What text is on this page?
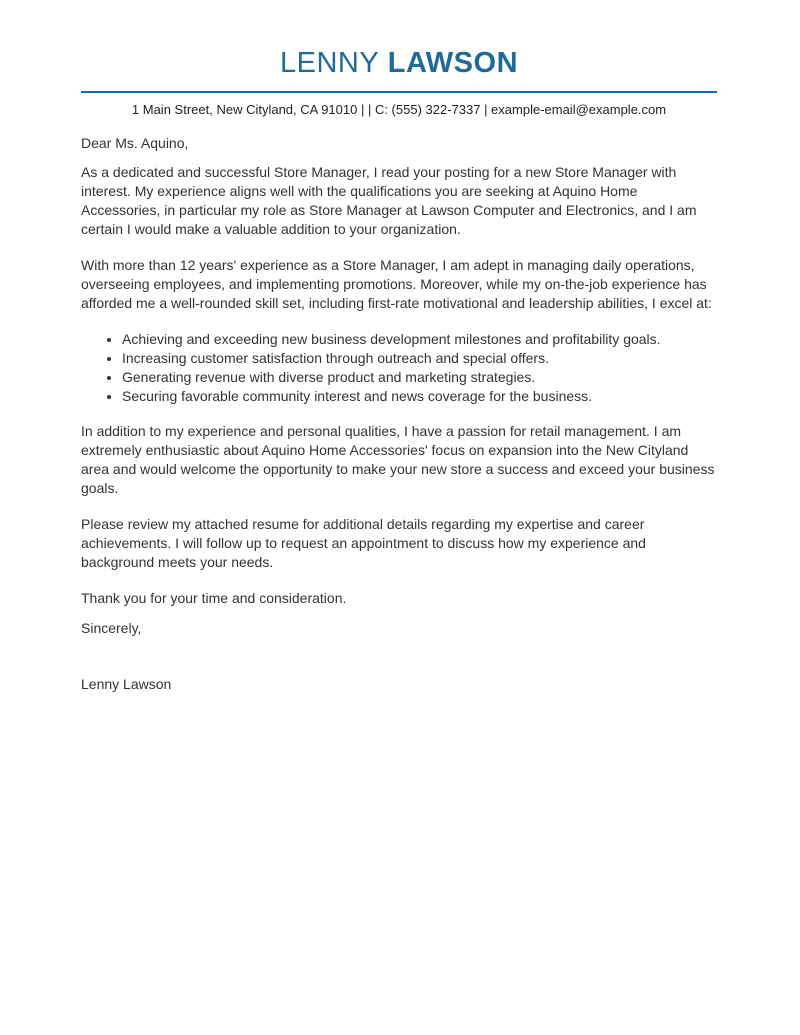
LENNY LAWSON
1 Main Street, New Cityland, CA 91010 | | C: (555) 322-7337 | example-email@example.com

Dear Ms. Aquino,

As a dedicated and successful Store Manager, I read your posting for a new Store Manager with interest. My experience aligns well with the qualifications you are seeking at Aquino Home Accessories, in particular my role as Store Manager at Lawson Computer and Electronics, and I am certain I would make a valuable addition to your organization.

With more than 12 years' experience as a Store Manager, I am adept in managing daily operations, overseeing employees, and implementing promotions. Moreover, while my on-the-job experience has afforded me a well-rounded skill set, including first-rate motivational and leadership abilities, I excel at:

• Achieving and exceeding new business development milestones and profitability goals.
• Increasing customer satisfaction through outreach and special offers.
• Generating revenue with diverse product and marketing strategies.
• Securing favorable community interest and news coverage for the business.

In addition to my experience and personal qualities, I have a passion for retail management. I am extremely enthusiastic about Aquino Home Accessories' focus on expansion into the New Cityland area and would welcome the opportunity to make your new store a success and exceed your business goals.

Please review my attached resume for additional details regarding my expertise and career achievements. I will follow up to request an appointment to discuss how my experience and background meets your needs.

Thank you for your time and consideration.

Sincerely,

Lenny Lawson
